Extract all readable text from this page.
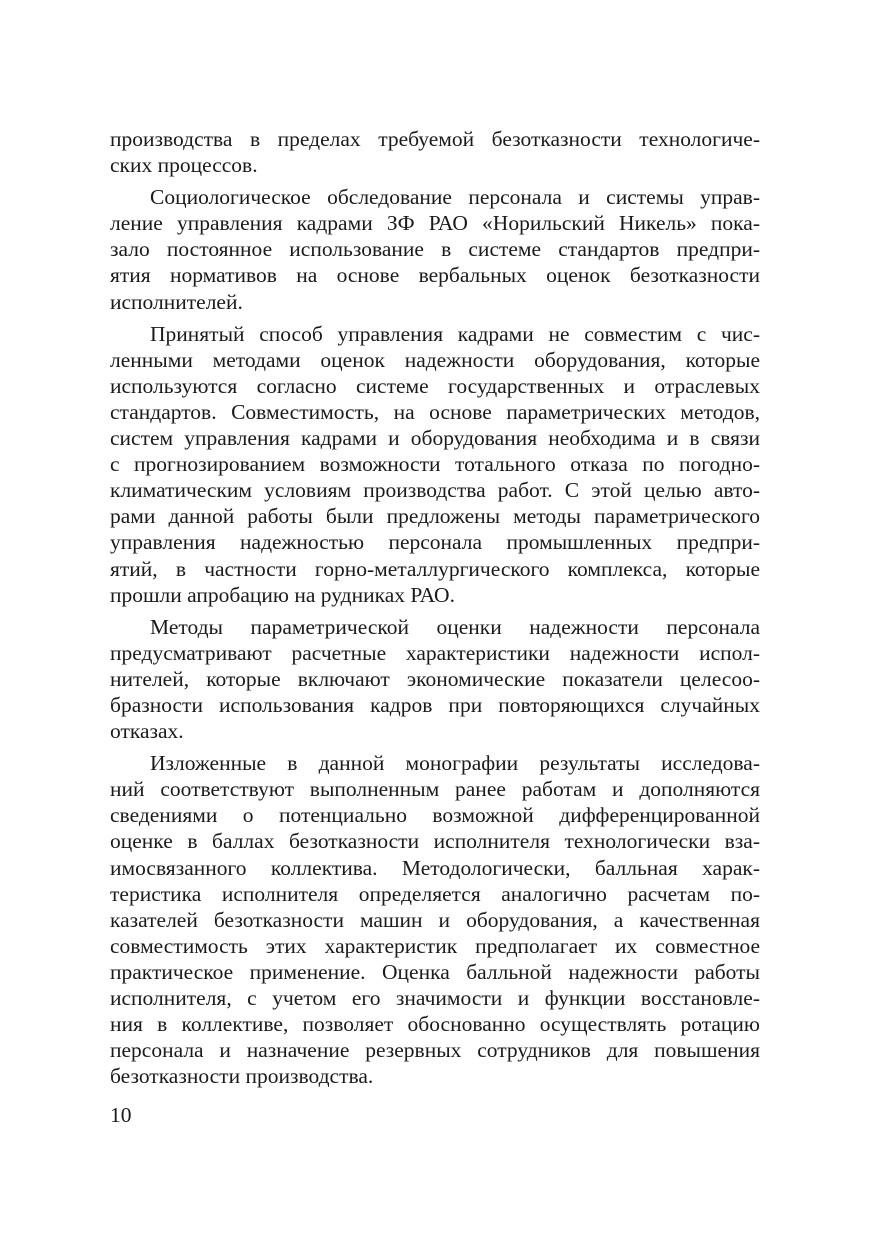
производства в пределах требуемой безотказности технологиче-
ских процессов.
Социологическое обследование персонала и системы управ-
ление управления кадрами ЗФ РАО «Норильский Никель» пока-
зало постоянное использование в системе стандартов предпри-
ятия нормативов на основе вербальных оценок безотказности
исполнителей.
Принятый способ управления кадрами не совместим с чис-
ленными методами оценок надежности оборудования, которые
используются согласно системе государственных и отраслевых
стандартов. Совместимость, на основе параметрических методов,
систем управления кадрами и оборудования необходима и в связи
с прогнозированием возможности тотального отказа по погодно-
климатическим условиям производства работ. С этой целью авто-
рами данной работы были предложены методы параметрического
управления надежностью персонала промышленных предпри-
ятий, в частности горно-металлургического комплекса, которые
прошли апробацию на рудниках РАО.
Методы параметрической оценки надежности персонала
предусматривают расчетные характеристики надежности испол-
нителей, которые включают экономические показатели целесоо-
бразности использования кадров при повторяющихся случайных
отказах.
Изложенные в данной монографии результаты исследова-
ний соответствуют выполненным ранее работам и дополняются
сведениями о потенциально возможной дифференцированной
оценке в баллах безотказности исполнителя технологически вза-
имосвязанного коллектива. Методологически, балльная харак-
теристика исполнителя определяется аналогично расчетам по-
казателей безотказности машин и оборудования, а качественная
совместимость этих характеристик предполагает их совместное
практическое применение. Оценка балльной надежности работы
исполнителя, с учетом его значимости и функции восстановле-
ния в коллективе, позволяет обоснованно осуществлять ротацию
персонала и назначение резервных сотрудников для повышения
безотказности производства.
10
